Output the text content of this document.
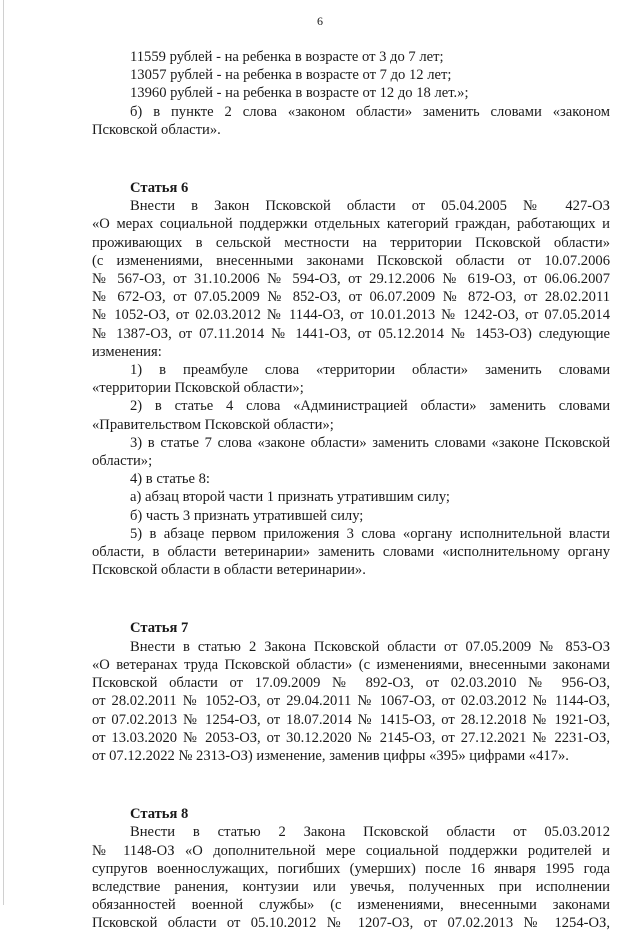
6
11559 рублей - на ребенка в возрасте от 3 до 7 лет;
13057 рублей - на ребенка в возрасте от 7 до 12 лет;
13960 рублей - на ребенка в возрасте от 12 до 18 лет.»;
б) в пункте 2 слова «законом области» заменить словами «законом
Псковской области».
Статья 6
Внести в Закон Псковской области от 05.04.2005 № 427-ОЗ
«О мерах социальной поддержки отдельных категорий граждан, работающих и
проживающих в сельской местности на территории Псковской области»
(с изменениями, внесенными законами Псковской области от 10.07.2006
№ 567-ОЗ, от 31.10.2006 № 594-ОЗ, от 29.12.2006 № 619-ОЗ, от 06.06.2007
№ 672-ОЗ, от 07.05.2009 № 852-ОЗ, от 06.07.2009 № 872-ОЗ, от 28.02.2011
№ 1052-ОЗ, от 02.03.2012 № 1144-ОЗ, от 10.01.2013 № 1242-ОЗ, от 07.05.2014
№ 1387-ОЗ, от 07.11.2014 № 1441-ОЗ, от 05.12.2014 № 1453-ОЗ) следующие
изменения:
1) в преамбуле слова «территории области» заменить словами
«территории Псковской области»;
2) в статье 4 слова «Администрацией области» заменить словами
«Правительством Псковской области»;
3) в статье 7 слова «законе области» заменить словами «законе Псковской
области»;
4) в статье 8:
а) абзац второй части 1 признать утратившим силу;
б) часть 3 признать утратившей силу;
5) в абзаце первом приложения 3 слова «органу исполнительной власти
области, в области ветеринарии» заменить словами «исполнительному органу
Псковской области в области ветеринарии».
Статья 7
Внести в статью 2 Закона Псковской области от 07.05.2009 № 853-ОЗ
«О ветеранах труда Псковской области» (с изменениями, внесенными законами
Псковской области от 17.09.2009 № 892-ОЗ, от 02.03.2010 № 956-ОЗ,
от 28.02.2011 № 1052-ОЗ, от 29.04.2011 № 1067-ОЗ, от 02.03.2012 № 1144-ОЗ,
от 07.02.2013 № 1254-ОЗ, от 18.07.2014 № 1415-ОЗ, от 28.12.2018 № 1921-ОЗ,
от 13.03.2020 № 2053-ОЗ, от 30.12.2020 № 2145-ОЗ, от 27.12.2021 № 2231-ОЗ,
от 07.12.2022 № 2313-ОЗ) изменение, заменив цифры «395» цифрами «417».
Статья 8
Внести в статью 2 Закона Псковской области от 05.03.2012
№ 1148-ОЗ «О дополнительной мере социальной поддержки родителей и
супругов военнослужащих, погибших (умерших) после 16 января 1995 года
вследствие ранения, контузии или увечья, полученных при исполнении
обязанностей военной службы» (с изменениями, внесенными законами
Псковской области от 05.10.2012 № 1207-ОЗ, от 07.02.2013 № 1254-ОЗ,
